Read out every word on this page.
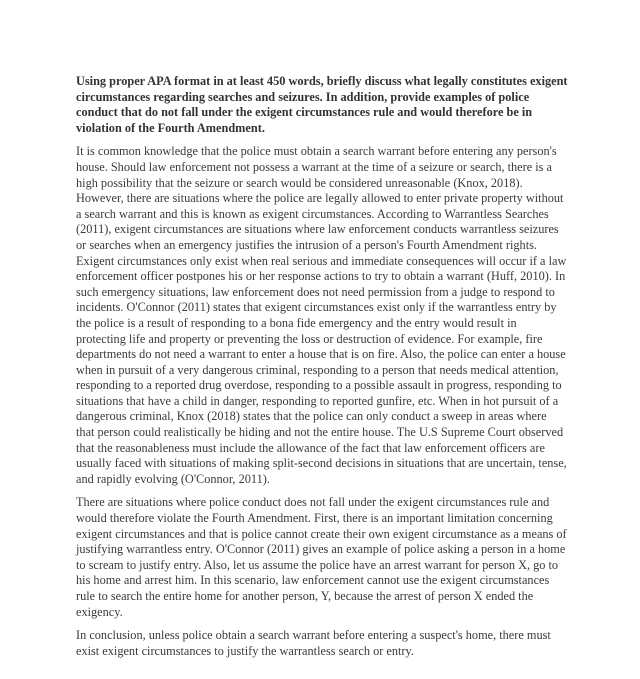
Using proper APA format in at least 450 words, briefly discuss what legally constitutes exigent circumstances regarding searches and seizures. In addition, provide examples of police conduct that do not fall under the exigent circumstances rule and would therefore be in violation of the Fourth Amendment.

It is common knowledge that the police must obtain a search warrant before entering any person's house. Should law enforcement not possess a warrant at the time of a seizure or search, there is a high possibility that the seizure or search would be considered unreasonable (Knox, 2018). However, there are situations where the police are legally allowed to enter private property without a search warrant and this is known as exigent circumstances. According to Warrantless Searches (2011), exigent circumstances are situations where law enforcement conducts warrantless seizures or searches when an emergency justifies the intrusion of a person's Fourth Amendment rights. Exigent circumstances only exist when real serious and immediate consequences will occur if a law enforcement officer postpones his or her response actions to try to obtain a warrant (Huff, 2010). In such emergency situations, law enforcement does not need permission from a judge to respond to incidents. O'Connor (2011) states that exigent circumstances exist only if the warrantless entry by the police is a result of responding to a bona fide emergency and the entry would result in protecting life and property or preventing the loss or destruction of evidence. For example, fire departments do not need a warrant to enter a house that is on fire. Also, the police can enter a house when in pursuit of a very dangerous criminal, responding to a person that needs medical attention, responding to a reported drug overdose, responding to a possible assault in progress, responding to situations that have a child in danger, responding to reported gunfire, etc. When in hot pursuit of a dangerous criminal, Knox (2018) states that the police can only conduct a sweep in areas where that person could realistically be hiding and not the entire house. The U.S Supreme Court observed that the reasonableness must include the allowance of the fact that law enforcement officers are usually faced with situations of making split-second decisions in situations that are uncertain, tense, and rapidly evolving (O'Connor, 2011).

There are situations where police conduct does not fall under the exigent circumstances rule and would therefore violate the Fourth Amendment. First, there is an important limitation concerning exigent circumstances and that is police cannot create their own exigent circumstance as a means of justifying warrantless entry. O'Connor (2011) gives an example of police asking a person in a home to scream to justify entry. Also, let us assume the police have an arrest warrant for person X, go to his home and arrest him. In this scenario, law enforcement cannot use the exigent circumstances rule to search the entire home for another person, Y, because the arrest of person X ended the exigency.

In conclusion, unless police obtain a search warrant before entering a suspect's home, there must exist exigent circumstances to justify the warrantless search or entry.
